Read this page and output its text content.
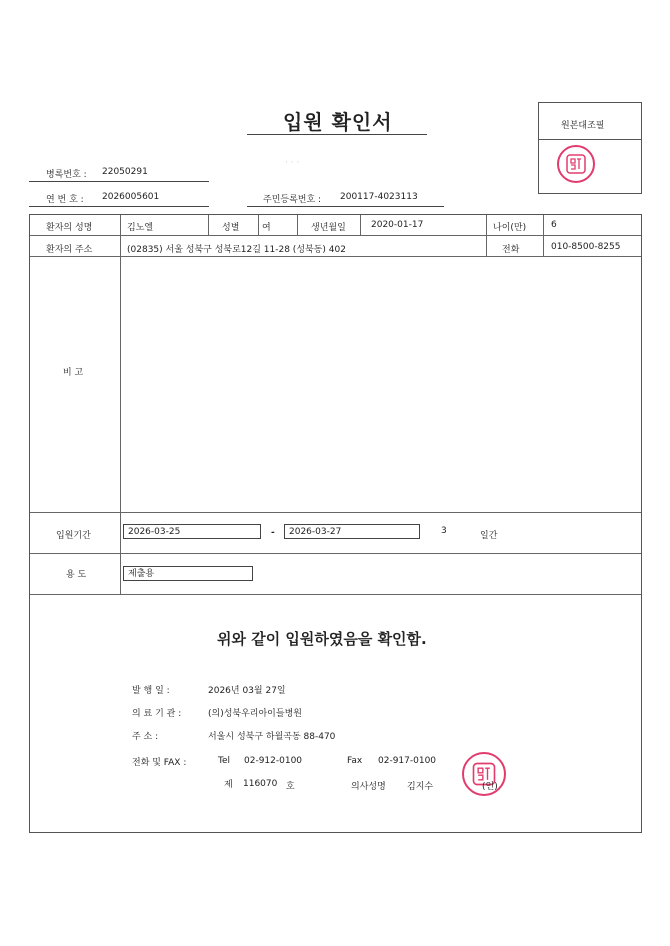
입원 확인서
· · ·
원본대조필
병록번호 : 22050291
연 번 호 : 2026005601	주민등록번호 : 200117-4023113
환자의 성명	김노엘	성별	여	생년월일	2020-01-17	나이(만)	6
환자의 주소	(02835) 서울 성북구 성북로12길 11-28 (성북동) 402	전화	010-8500-8255
비 고
입원기간	2026-03-25	-	2026-03-27	3	일간
용 도	제출용
위와 같이 입원하였음을 확인함.
발 행 일 :	2026년 03월 27일
의 료 기 관 :	(의)성북우리아이들병원
주 소 :	서울시 성북구 하월곡동 88-470
전화 및 FAX :	Tel 02-912-0100	Fax 02-917-0100
제 116070 호	의사성명 김지수	(인)
